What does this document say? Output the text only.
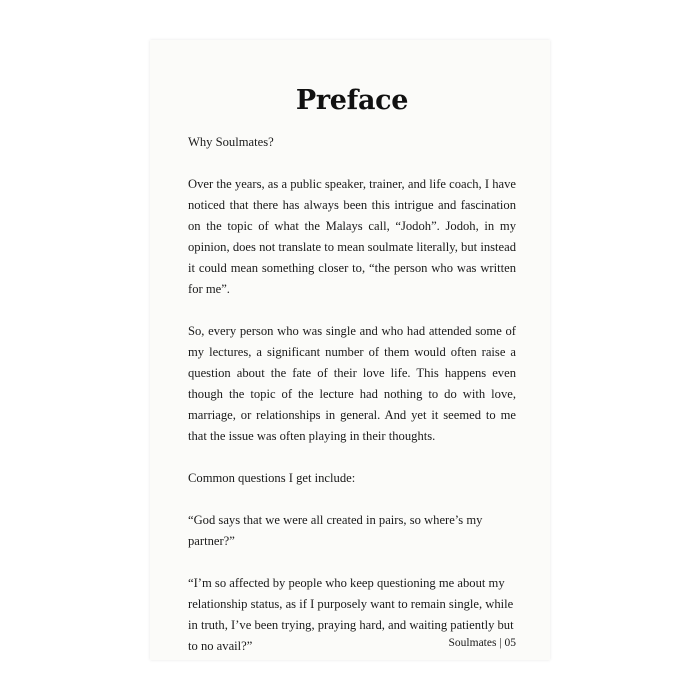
Preface

Why Soulmates?

Over the years, as a public speaker, trainer, and life coach, I have noticed that there has always been this intrigue and fascination on the topic of what the Malays call, “Jodoh”. Jodoh, in my opinion, does not translate to mean soulmate literally, but instead it could mean something closer to, “the person who was written for me”.

So, every person who was single and who had attended some of my lectures, a significant number of them would often raise a question about the fate of their love life. This happens even though the topic of the lecture had nothing to do with love, marriage, or relationships in general. And yet it seemed to me that the issue was often playing in their thoughts.

Common questions I get include:

“God says that we were all created in pairs, so where’s my partner?”

“I’m so affected by people who keep questioning me about my relationship status, as if I purposely want to remain single, while in truth, I’ve been trying, praying hard, and waiting patiently but to no avail?”	Soulmates | 05
